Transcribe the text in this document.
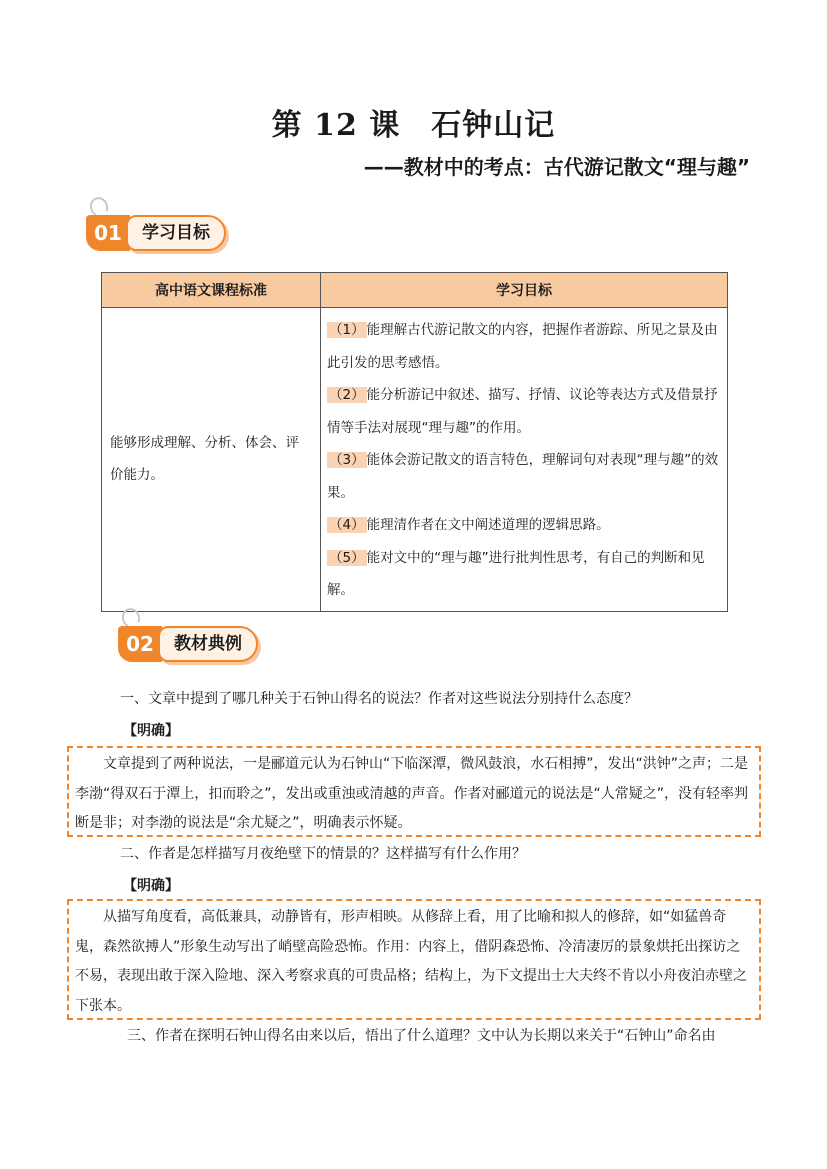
第 12 课　石钟山记
——教材中的考点：古代游记散文“理与趣”
01	学习目标
高中语文课程标准	学习目标
能够形成理解、分析、体会、评价能力。	（1） 能理解古代游记散文的内容，把握作者游踪、所见之景及由此引发的思考感悟。
（2） 能分析游记中叙述、描写、抒情、议论等表达方式及借景抒情等手法对展现“理与趣”的作用。
（3） 能体会游记散文的语言特色，理解词句对表现“理与趣”的效果。
（4） 能理清作者在文中阐述道理的逻辑思路。
（5） 能对文中的“理与趣”进行批判性思考，有自己的判断和见解。
02	教材典例
一、文章中提到了哪几种关于石钟山得名的说法？作者对这些说法分别持什么态度？
【明确】

文章提到了两种说法，一是郦道元认为石钟山“下临深潭，微风鼓浪，水石相搏”，发出“洪钟”之声；二是李渤“得双石于潭上，扣而聆之”，发出或重浊或清越的声音。作者对郦道元的说法是“人常疑之”，没有轻率判断是非；对李渤的说法是“余尤疑之”，明确表示怀疑。

二、作者是怎样描写月夜绝壁下的情景的？这样描写有什么作用？
【明确】

从描写角度看，高低兼具，动静皆有，形声相映。从修辞上看，用了比喻和拟人的修辞，如“如猛兽奇鬼，森然欲搏人”形象生动写出了峭壁高险恐怖。作用：内容上，借阴森恐怖、冷清凄厉的景象烘托出探访之不易，表现出敢于深入险地、深入考察求真的可贵品格；结构上，为下文提出士大夫终不肯以小舟夜泊赤壁之下张本。

三、作者在探明石钟山得名由来以后，悟出了什么道理？文中认为长期以来关于“石钟山”命名由
